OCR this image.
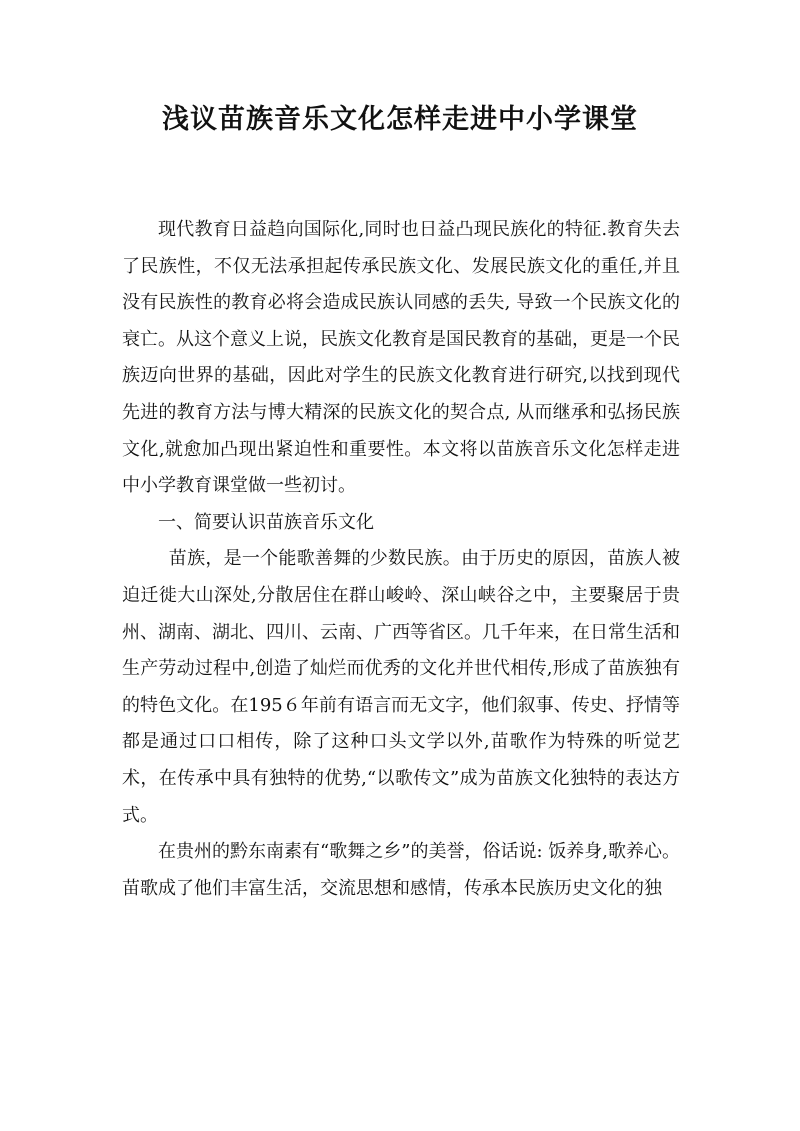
浅议苗族音乐文化怎样走进中小学课堂

现代教育日益趋向国际化,同时也日益凸现民族化的特征.教育失去了民族性，不仅无法承担起传承民族文化、发展民族文化的重任,并且没有民族性的教育必将会造成民族认同感的丢失, 导致一个民族文化的衰亡。从这个意义上说，民族文化教育是国民教育的基础，更是一个民族迈向世界的基础，因此对学生的民族文化教育进行研究,以找到现代先进的教育方法与博大精深的民族文化的契合点, 从而继承和弘扬民族文化,就愈加凸现出紧迫性和重要性。本文将以苗族音乐文化怎样走进中小学教育课堂做一些初讨。

一、简要认识苗族音乐文化

苗族，是一个能歌善舞的少数民族。由于历史的原因，苗族人被迫迁徙大山深处,分散居住在群山峻岭、深山峡谷之中，主要聚居于贵州、湖南、湖北、四川、云南、广西等省区。几千年来，在日常生活和生产劳动过程中,创造了灿烂而优秀的文化并世代相传,形成了苗族独有的特色文化。在195６年前有语言而无文字，他们叙事、传史、抒情等都是通过口口相传，除了这种口头文学以外,苗歌作为特殊的听觉艺术，在传承中具有独特的优势,“以歌传文”成为苗族文化独特的表达方式。

在贵州的黔东南素有“歌舞之乡”的美誉，俗话说: 饭养身,歌养心。苗歌成了他们丰富生活，交流思想和感情，传承本民族历史文化的独
